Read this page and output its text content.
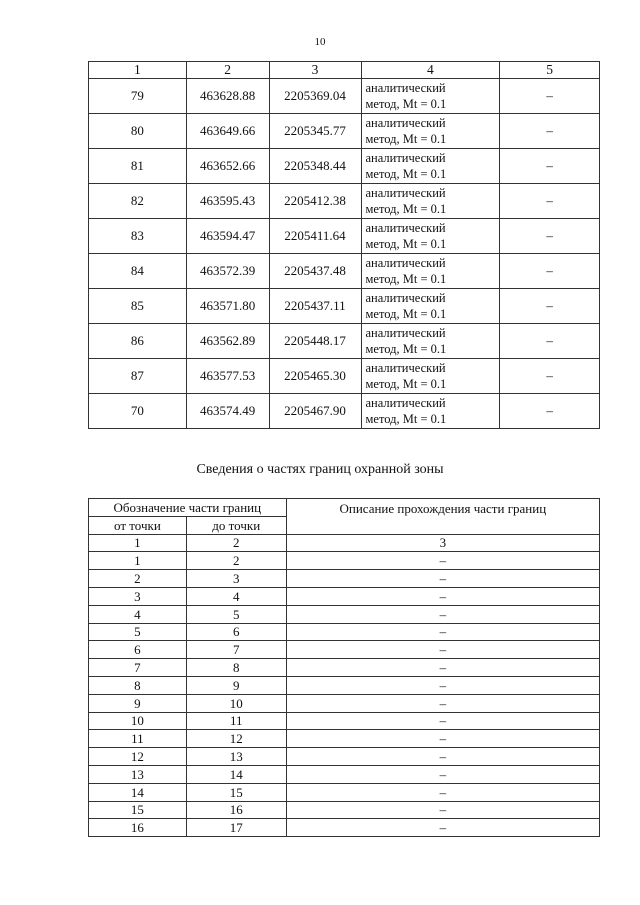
10
1	2	3	4	5
79	463628.88	2205369.04	аналитический
метод, Mt = 0.1	–
80	463649.66	2205345.77	аналитический
метод, Mt = 0.1	–
81	463652.66	2205348.44	аналитический
метод, Mt = 0.1	–
82	463595.43	2205412.38	аналитический
метод, Mt = 0.1	–
83	463594.47	2205411.64	аналитический
метод, Mt = 0.1	–
84	463572.39	2205437.48	аналитический
метод, Mt = 0.1	–
85	463571.80	2205437.11	аналитический
метод, Mt = 0.1	–
86	463562.89	2205448.17	аналитический
метод, Mt = 0.1	–
87	463577.53	2205465.30	аналитический
метод, Mt = 0.1	–
70	463574.49	2205467.90	аналитический
метод, Mt = 0.1	–
Сведения о частях границ охранной зоны
Обозначение части границ		Описание прохождения части границ
от точки	до точки	
1	2	3
1	2	–
2	3	–
3	4	–
4	5	–
5	6	–
6	7	–
7	8	–
8	9	–
9	10	–
10	11	–
11	12	–
12	13	–
13	14	–
14	15	–
15	16	–
16	17	–
